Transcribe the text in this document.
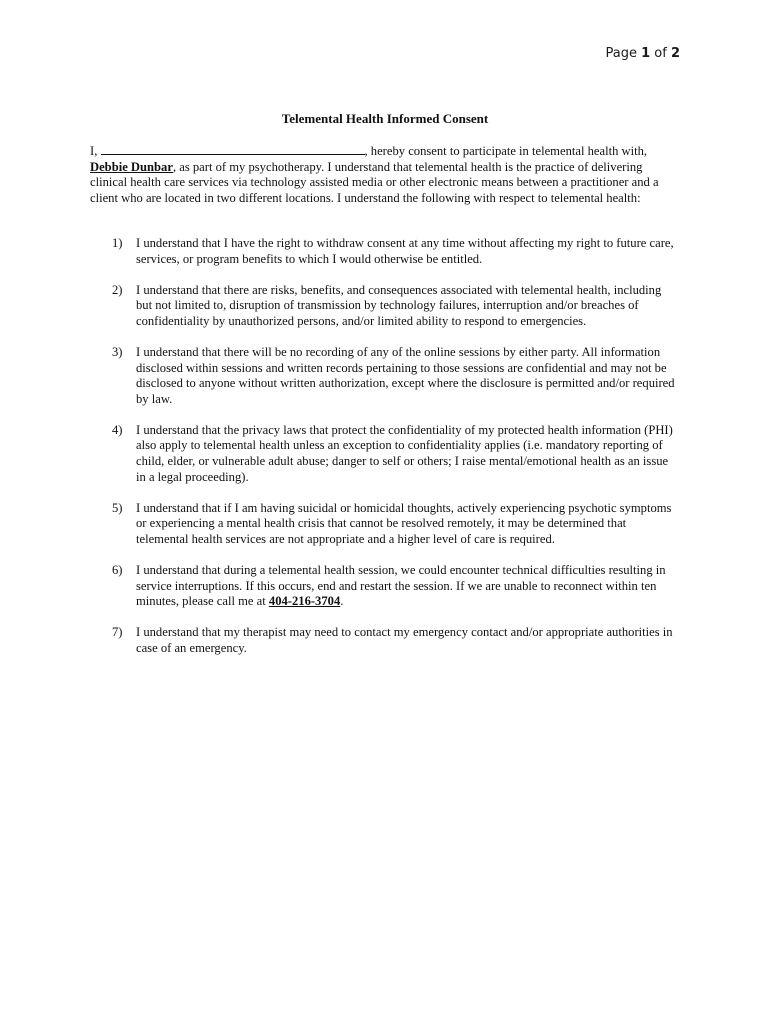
Page 1 of 2
Telemental Health Informed Consent
I,	, hereby consent to participate in telemental health with, Debbie Dunbar, as part of my psychotherapy. I understand that telemental health is the practice of delivering clinical health care services via technology assisted media or other electronic means between a practitioner and a client who are located in two different locations. I understand the following with respect to telemental health:
1) I understand that I have the right to withdraw consent at any time without affecting my right to future care, services, or program benefits to which I would otherwise be entitled.
2) I understand that there are risks, benefits, and consequences associated with telemental health, including but not limited to, disruption of transmission by technology failures, interruption and/or breaches of confidentiality by unauthorized persons, and/or limited ability to respond to emergencies.
3) I understand that there will be no recording of any of the online sessions by either party. All information disclosed within sessions and written records pertaining to those sessions are confidential and may not be disclosed to anyone without written authorization, except where the disclosure is permitted and/or required by law.
4) I understand that the privacy laws that protect the confidentiality of my protected health information (PHI) also apply to telemental health unless an exception to confidentiality applies (i.e. mandatory reporting of child, elder, or vulnerable adult abuse; danger to self or others; I raise mental/emotional health as an issue in a legal proceeding).
5) I understand that if I am having suicidal or homicidal thoughts, actively experiencing psychotic symptoms or experiencing a mental health crisis that cannot be resolved remotely, it may be determined that telemental health services are not appropriate and a higher level of care is required.
6) I understand that during a telemental health session, we could encounter technical difficulties resulting in service interruptions. If this occurs, end and restart the session. If we are unable to reconnect within ten minutes, please call me at 404-216-3704.
7) I understand that my therapist may need to contact my emergency contact and/or appropriate authorities in case of an emergency.
